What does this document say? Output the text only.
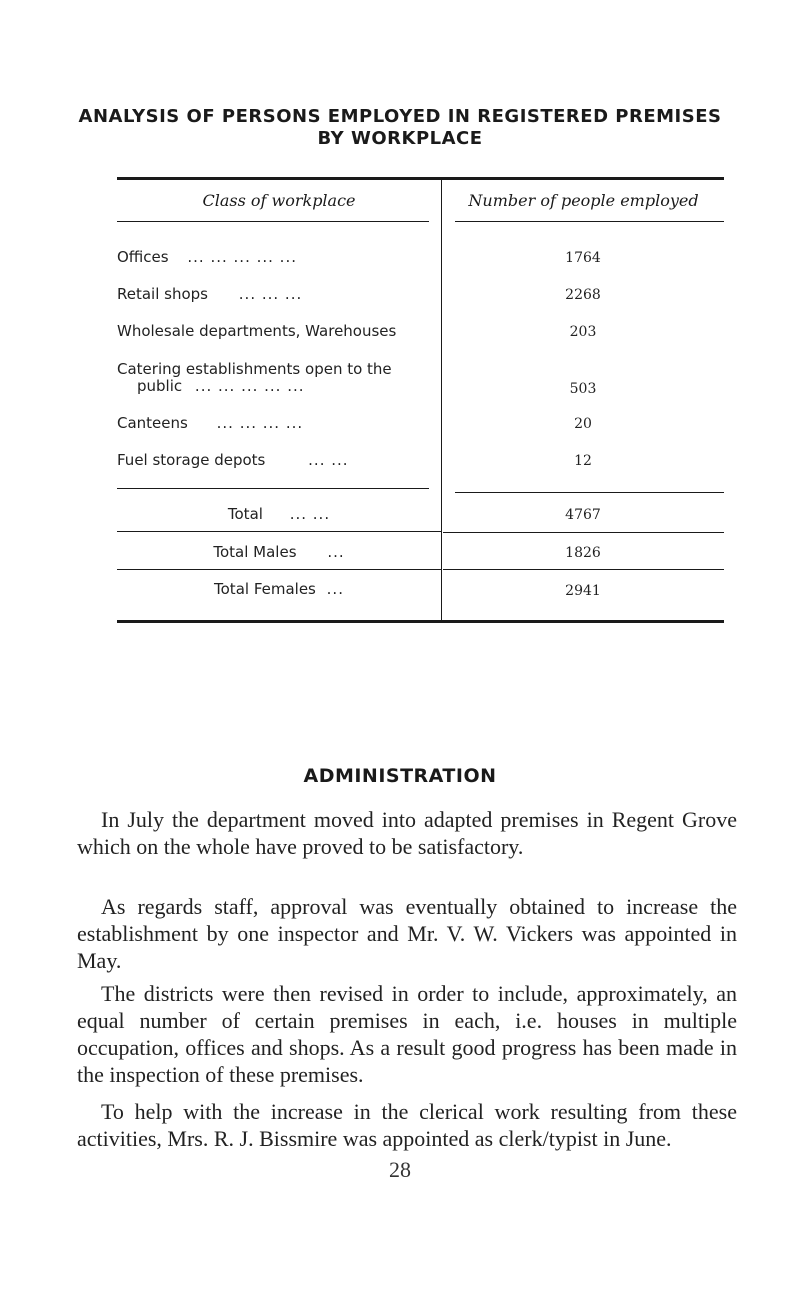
ANALYSIS OF PERSONS EMPLOYED IN REGISTERED PREMISES
BY WORKPLACE
Class of workplace	Number of people employed
Offices ... ... ... ... ...	1764
Retail shops ... ... ...	2268
Wholesale departments, Warehouses	203
Catering establishments open to the
public ... ... ... ... ...	503
Canteens ... ... ... ...	20
Fuel storage depots	... ...	12
Total ... ...	4767
Total Males ...	1826
Total Females ...	2941
ADMINISTRATION
In July the department moved into adapted premises in Regent Grove which on the whole have proved to be satisfactory.
As regards staff, approval was eventually obtained to increase the establishment by one inspector and Mr. V. W. Vickers was appointed in May.
The districts were then revised in order to include, approximately, an equal number of certain premises in each, i.e. houses in multiple occupation, offices and shops. As a result good progress has been made in the inspection of these premises.
To help with the increase in the clerical work resulting from these activities, Mrs. R. J. Bissmire was appointed as clerk/typist in June.
28
